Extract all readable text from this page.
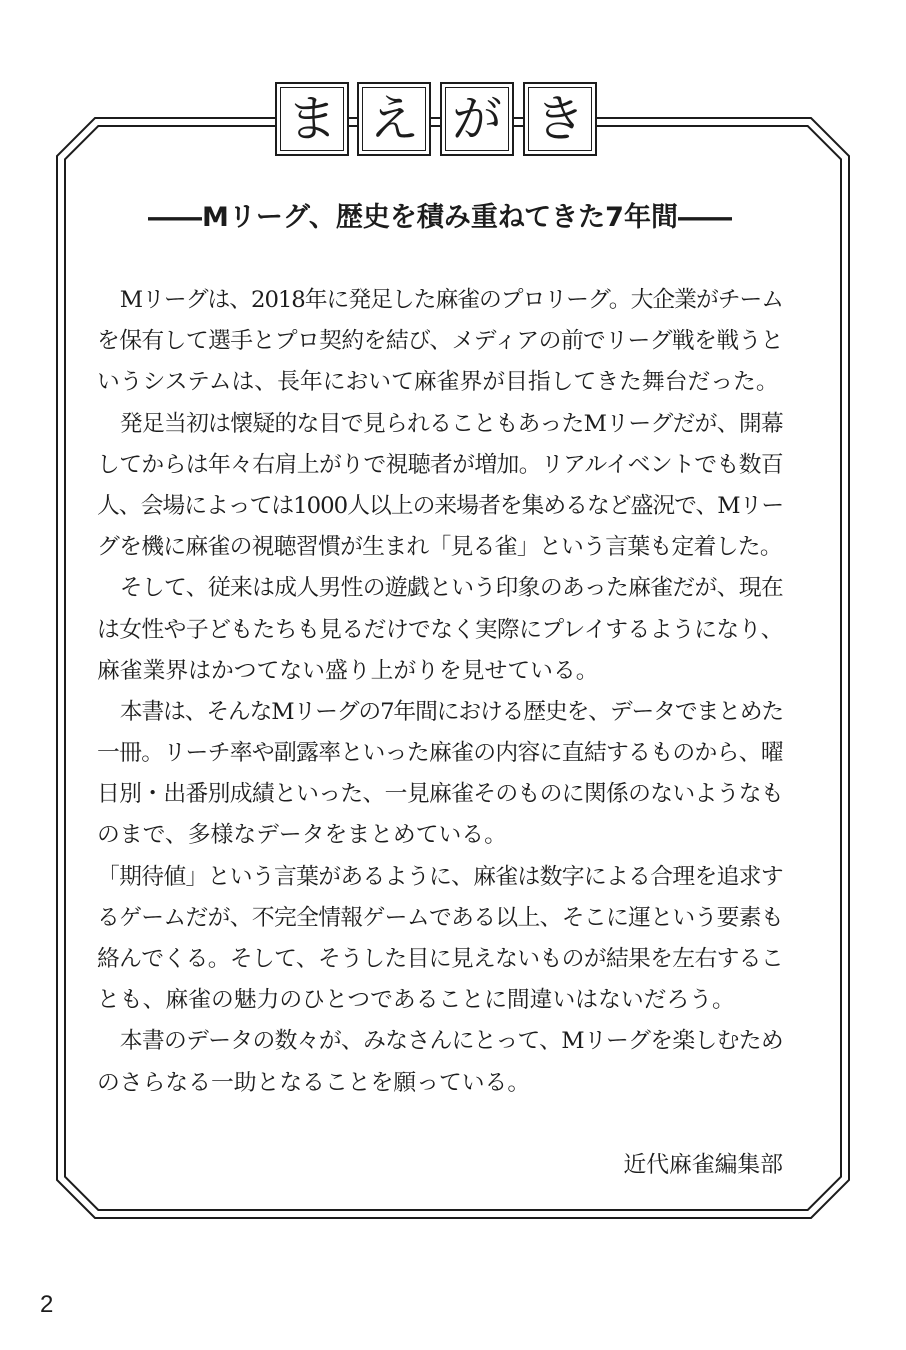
ま え が き
――Mリーグ、歴史を積み重ねてきた7年間――
Mリーグは、2018年に発足した麻雀のプロリーグ。大企業がチーム
を保有して選手とプロ契約を結び、メディアの前でリーグ戦を戦うと
いうシステムは、長年において麻雀界が目指してきた舞台だった。
発足当初は懐疑的な目で見られることもあったMリーグだが、開幕
してからは年々右肩上がりで視聴者が増加。リアルイベントでも数百
人、会場によっては1000人以上の来場者を集めるなど盛況で、Mリー
グを機に麻雀の視聴習慣が生まれ「見る雀」という言葉も定着した。
そして、従来は成人男性の遊戯という印象のあった麻雀だが、現在
は女性や子どもたちも見るだけでなく実際にプレイするようになり、
麻雀業界はかつてない盛り上がりを見せている。
本書は、そんなMリーグの7年間における歴史を、データでまとめた
一冊。リーチ率や副露率といった麻雀の内容に直結するものから、曜
日別・出番別成績といった、一見麻雀そのものに関係のないようなも
のまで、多様なデータをまとめている。
「期待値」という言葉があるように、麻雀は数字による合理を追求す
るゲームだが、不完全情報ゲームである以上、そこに運という要素も
絡んでくる。そして、そうした目に見えないものが結果を左右するこ
とも、麻雀の魅力のひとつであることに間違いはないだろう。
本書のデータの数々が、みなさんにとって、Mリーグを楽しむため
のさらなる一助となることを願っている。
近代麻雀編集部
2
